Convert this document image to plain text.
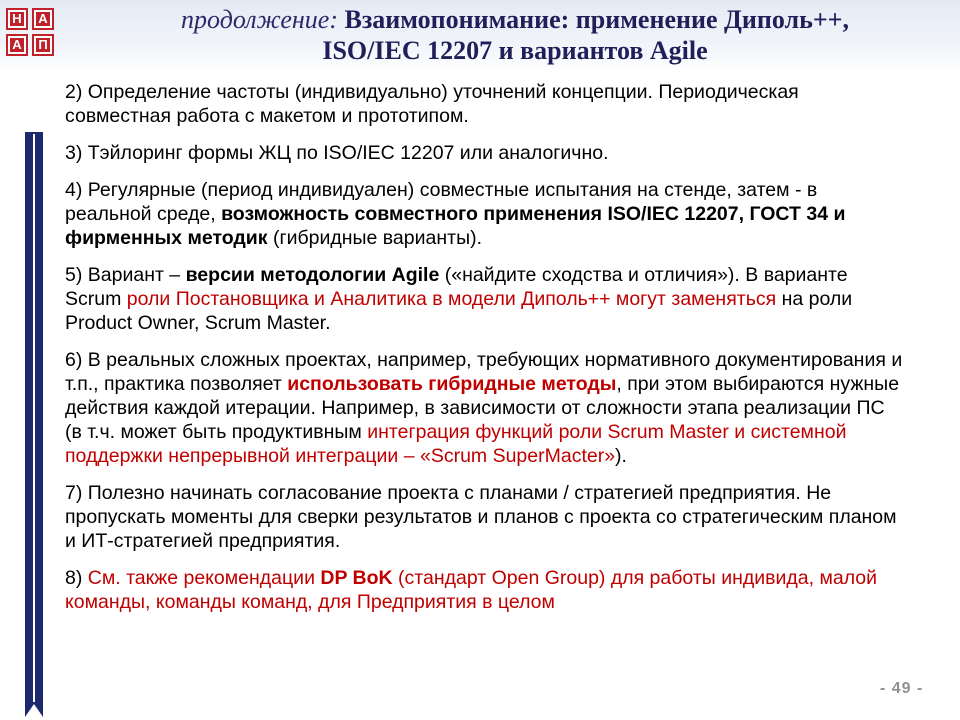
Н А
А П
продолжение: Взаимопонимание: применение Диполь++,
ISO/IEC 12207 и вариантов Agile

2) Определение частоты (индивидуально) уточнений концепции. Периодическая совместная работа с макетом и прототипом.

3) Тэйлоринг формы ЖЦ по ISO/IEC 12207 или аналогично.

4) Регулярные (период индивидуален) совместные испытания на стенде, затем - в реальной среде, возможность совместного применения ISO/IEC 12207, ГОСТ 34 и фирменных методик (гибридные варианты).

5) Вариант – версии методологии Agile («найдите сходства и отличия»). В варианте Scrum роли Постановщика и Аналитика в модели Диполь++ могут заменяться на роли Product Owner, Scrum Master.

6) В реальных сложных проектах, например, требующих нормативного документирования и т.п., практика позволяет использовать гибридные методы, при этом выбираются нужные действия каждой итерации. Например, в зависимости от сложности этапа реализации ПС (в т.ч. может быть продуктивным интеграция функций роли Scrum Master и системной поддержки непрерывной интеграции – «Scrum SuperMacter»).

7) Полезно начинать согласование проекта с планами / стратегией предприятия. Не пропускать моменты для сверки результатов и планов с проекта со стратегическим планом и ИТ-стратегией предприятия.

8) См. также рекомендации DP BoK (стандарт Open Group) для работы индивида, малой команды, команды команд, для Предприятия в целом

- 49 -
